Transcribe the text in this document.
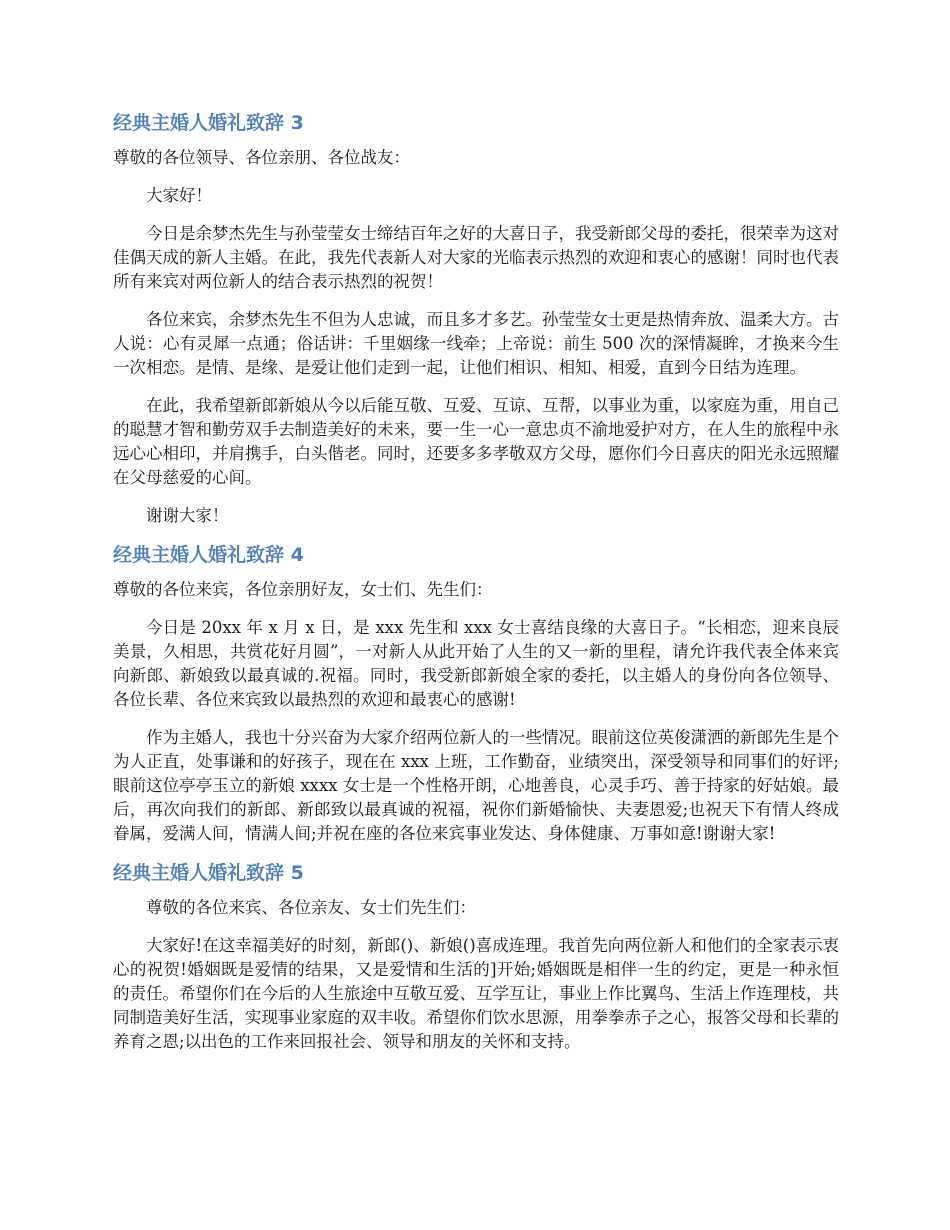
经典主婚人婚礼致辞 3

尊敬的各位领导、各位亲朋、各位战友：

大家好！

今日是余梦杰先生与孙莹莹女士缔结百年之好的大喜日子，我受新郎父母的委托，很荣幸为这对佳偶天成的新人主婚。在此，我先代表新人对大家的光临表示热烈的欢迎和衷心的感谢！同时也代表所有来宾对两位新人的结合表示热烈的祝贺！

各位来宾，余梦杰先生不但为人忠诚，而且多才多艺。孙莹莹女士更是热情奔放、温柔大方。古人说：心有灵犀一点通；俗话讲：千里姻缘一线牵；上帝说：前生 500 次的深情凝眸，才换来今生一次相恋。是情、是缘、是爱让他们走到一起，让他们相识、相知、相爱，直到今日结为连理。

在此，我希望新郎新娘从今以后能互敬、互爱、互谅、互帮，以事业为重，以家庭为重，用自己的聪慧才智和勤劳双手去制造美好的未来，要一生一心一意忠贞不渝地爱护对方，在人生的旅程中永远心心相印，并肩携手，白头偕老。同时，还要多多孝敬双方父母，愿你们今日喜庆的阳光永远照耀在父母慈爱的心间。

谢谢大家！

经典主婚人婚礼致辞 4

尊敬的各位来宾，各位亲朋好友，女士们、先生们：

今日是 20xx 年 x 月 x 日，是 xxx 先生和 xxx 女士喜结良缘的大喜日子。“长相恋，迎来良辰美景，久相思，共赏花好月圆”，一对新人从此开始了人生的又一新的里程，请允许我代表全体来宾向新郎、新娘致以最真诚的.祝福。同时，我受新郎新娘全家的委托，以主婚人的身份向各位领导、各位长辈、各位来宾致以最热烈的欢迎和最衷心的感谢!

作为主婚人，我也十分兴奋为大家介绍两位新人的一些情况。眼前这位英俊潇洒的新郎先生是个为人正直，处事谦和的好孩子，现在在 xxx 上班，工作勤奋，业绩突出，深受领导和同事们的好评;眼前这位亭亭玉立的新娘 xxxx 女士是一个性格开朗，心地善良，心灵手巧、善于持家的好姑娘。最后，再次向我们的新郎、新郎致以最真诚的祝福，祝你们新婚愉快、夫妻恩爱;也祝天下有情人终成眷属，爱满人间，情满人间;并祝在座的各位来宾事业发达、身体健康、万事如意!谢谢大家!

经典主婚人婚礼致辞 5

尊敬的各位来宾、各位亲友、女士们先生们：

大家好!在这幸福美好的时刻，新郎()、新娘()喜成连理。我首先向两位新人和他们的全家表示衷心的祝贺!婚姻既是爱情的结果，又是爱情和生活的]开始;婚姻既是相伴一生的约定，更是一种永恒的责任。希望你们在今后的人生旅途中互敬互爱、互学互让，事业上作比翼鸟、生活上作连理枝，共同制造美好生活，实现事业家庭的双丰收。希望你们饮水思源，用拳拳赤子之心，报答父母和长辈的养育之恩;以出色的工作来回报社会、领导和朋友的关怀和支持。
